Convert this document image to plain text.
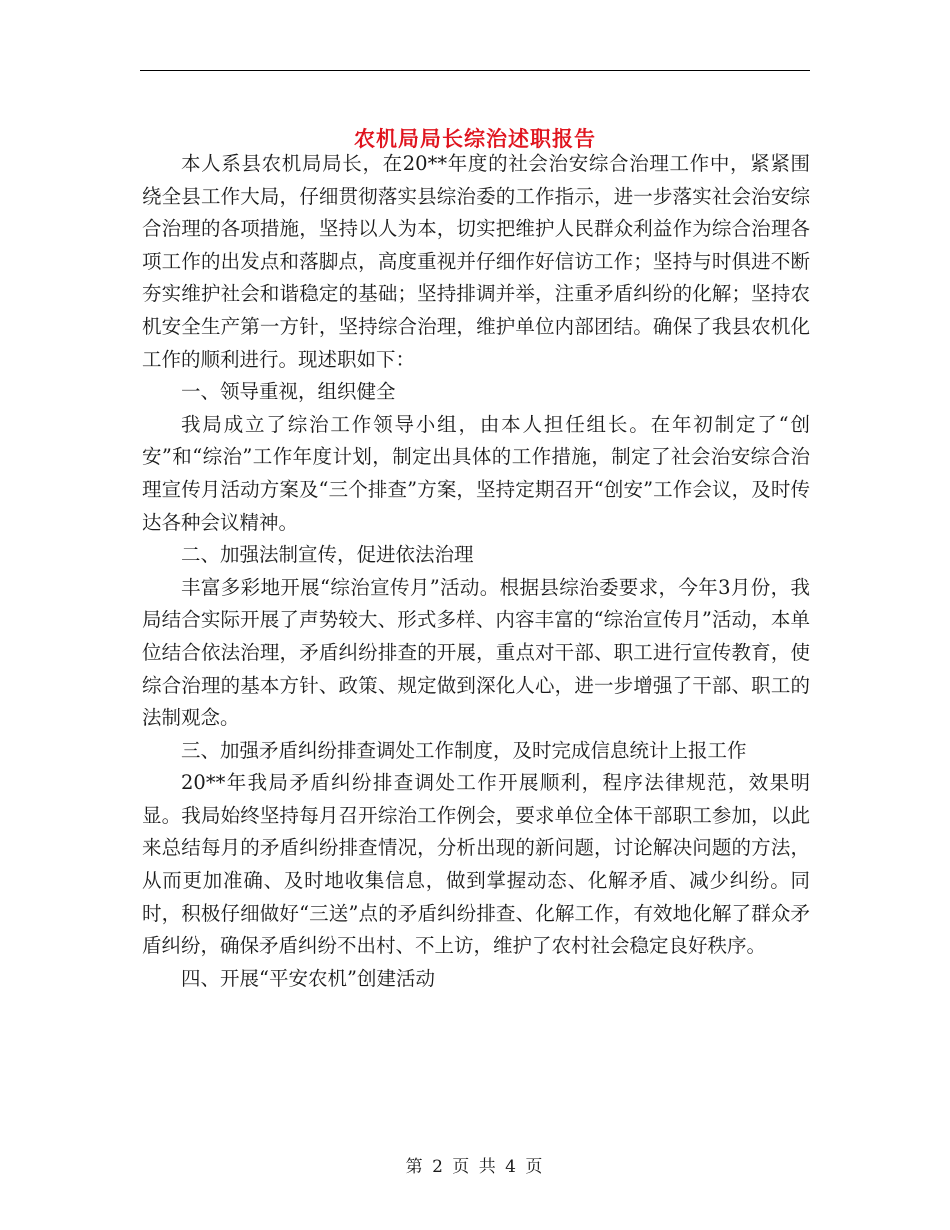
农机局局长综治述职报告

本人系县农机局局长，在20**年度的社会治安综合治理工作中，紧紧围绕全县工作大局，仔细贯彻落实县综治委的工作指示，进一步落实社会治安综合治理的各项措施，坚持以人为本，切实把维护人民群众利益作为综合治理各项工作的出发点和落脚点，高度重视并仔细作好信访工作；坚持与时俱进不断夯实维护社会和谐稳定的基础；坚持排调并举，注重矛盾纠纷的化解；坚持农机安全生产第一方针，坚持综合治理，维护单位内部团结。确保了我县农机化工作的顺利进行。现述职如下：

一、领导重视，组织健全

我局成立了综治工作领导小组，由本人担任组长。在年初制定了“创安”和“综治”工作年度计划，制定出具体的工作措施，制定了社会治安综合治理宣传月活动方案及“三个排查”方案，坚持定期召开“创安”工作会议，及时传达各种会议精神。

二、加强法制宣传，促进依法治理

丰富多彩地开展“综治宣传月”活动。根据县综治委要求，今年3月份，我局结合实际开展了声势较大、形式多样、内容丰富的“综治宣传月”活动，本单位结合依法治理，矛盾纠纷排查的开展，重点对干部、职工进行宣传教育，使综合治理的基本方针、政策、规定做到深化人心，进一步增强了干部、职工的法制观念。

三、加强矛盾纠纷排查调处工作制度，及时完成信息统计上报工作

20**年我局矛盾纠纷排查调处工作开展顺利，程序法律规范，效果明显。我局始终坚持每月召开综治工作例会，要求单位全体干部职工参加，以此来总结每月的矛盾纠纷排查情况，分析出现的新问题，讨论解决问题的方法，从而更加准确、及时地收集信息，做到掌握动态、化解矛盾、减少纠纷。同时，积极仔细做好“三送”点的矛盾纠纷排查、化解工作，有效地化解了群众矛盾纠纷，确保矛盾纠纷不出村、不上访，维护了农村社会稳定良好秩序。

四、开展“平安农机”创建活动

第 2 页 共 4 页
